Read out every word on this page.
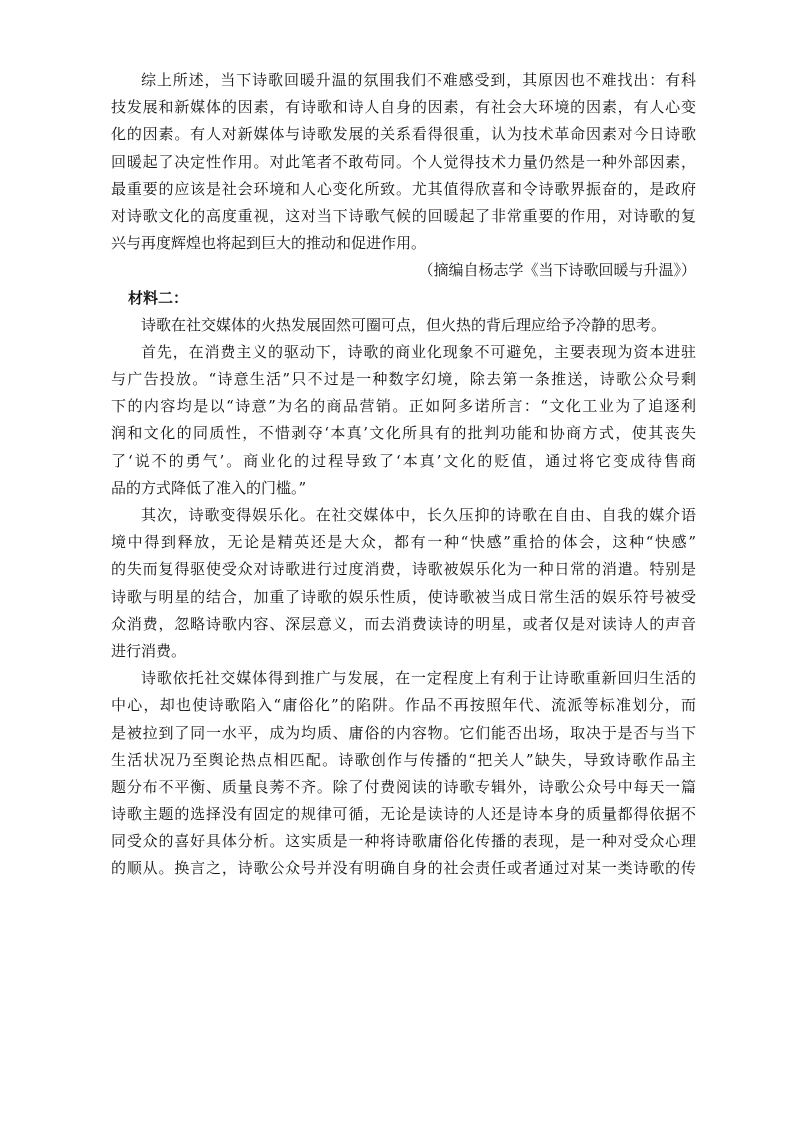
综上所述，当下诗歌回暖升温的氛围我们不难感受到，其原因也不难找出：有科
技发展和新媒体的因素，有诗歌和诗人自身的因素，有社会大环境的因素，有人心变
化的因素。有人对新媒体与诗歌发展的关系看得很重，认为技术革命因素对今日诗歌
回暖起了决定性作用。对此笔者不敢苟同。个人觉得技术力量仍然是一种外部因素，
最重要的应该是社会环境和人心变化所致。尤其值得欣喜和令诗歌界振奋的，是政府
对诗歌文化的高度重视，这对当下诗歌气候的回暖起了非常重要的作用，对诗歌的复
兴与再度辉煌也将起到巨大的推动和促进作用。
（摘编自杨志学《当下诗歌回暖与升温》）
材料二：
诗歌在社交媒体的火热发展固然可圈可点，但火热的背后理应给予冷静的思考。
首先，在消费主义的驱动下，诗歌的商业化现象不可避免，主要表现为资本进驻
与广告投放。“诗意生活”只不过是一种数字幻境，除去第一条推送，诗歌公众号剩
下的内容均是以“诗意”为名的商品营销。正如阿多诺所言：“文化工业为了追逐利
润和文化的同质性，不惜剥夺‘本真’文化所具有的批判功能和协商方式，使其丧失
了‘说不的勇气’。商业化的过程导致了‘本真’文化的贬值，通过将它变成待售商
品的方式降低了准入的门槛。”
其次，诗歌变得娱乐化。在社交媒体中，长久压抑的诗歌在自由、自我的媒介语
境中得到释放，无论是精英还是大众，都有一种“快感”重拾的体会，这种“快感”
的失而复得驱使受众对诗歌进行过度消费，诗歌被娱乐化为一种日常的消遣。特别是
诗歌与明星的结合，加重了诗歌的娱乐性质，使诗歌被当成日常生活的娱乐符号被受
众消费，忽略诗歌内容、深层意义，而去消费读诗的明星，或者仅是对读诗人的声音
进行消费。
诗歌依托社交媒体得到推广与发展，在一定程度上有利于让诗歌重新回归生活的
中心，却也使诗歌陷入“庸俗化”的陷阱。作品不再按照年代、流派等标准划分，而
是被拉到了同一水平，成为均质、庸俗的内容物。它们能否出场，取决于是否与当下
生活状况乃至舆论热点相匹配。诗歌创作与传播的“把关人”缺失，导致诗歌作品主
题分布不平衡、质量良莠不齐。除了付费阅读的诗歌专辑外，诗歌公众号中每天一篇
诗歌主题的选择没有固定的规律可循，无论是读诗的人还是诗本身的质量都得依据不
同受众的喜好具体分析。这实质是一种将诗歌庸俗化传播的表现，是一种对受众心理
的顺从。换言之，诗歌公众号并没有明确自身的社会责任或者通过对某一类诗歌的传
